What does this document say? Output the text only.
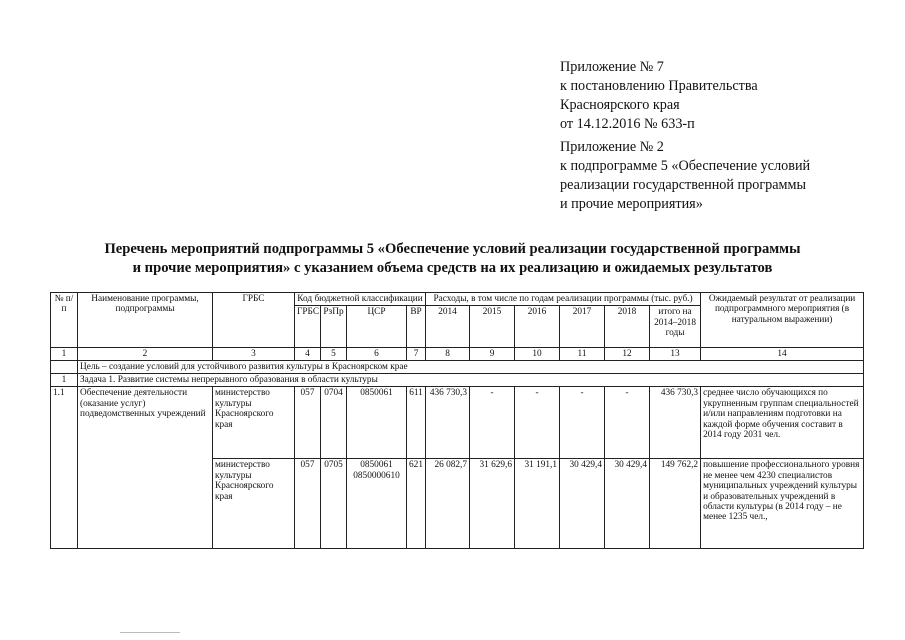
Приложение № 7
к постановлению Правительства
Красноярского края
от 14.12.2016 № 633-п
Приложение № 2
к подпрограмме 5 «Обеспечение условий
реализации государственной программы
и прочие мероприятия»
Перечень мероприятий подпрограммы 5 «Обеспечение условий реализации государственной программы
и прочие мероприятия» с указанием объема средств на их реализацию и ожидаемых результатов
№ п/п	Наименование программы, подпрограммы	ГРБС	Код бюджетной классификации				Расходы, в том числе по годам реализации программы (тыс. руб.)						Ожидаемый результат от реализации подпрограммного мероприятия (в натуральном выражении)
			ГРБС	РзПр	ЦСР	ВР	2014	2015	2016	2017	2018	итого на 2014–2018 годы	
1	2	3	4	5	6	7	8	9	10	11	12	13	14
	Цель – создание условий для устойчивого развития культуры в Красноярском крае												
1	Задача 1. Развитие системы непрерывного образования в области культуры												
1.1	Обеспечение деятельности (оказание услуг) подведомственных учреждений	министерство культуры Красноярского края	057	0704	0850061	611	436 730,3	-	-	-	-	436 730,3	среднее число обучающихся по укрупненным группам специальностей и/или направлениям подготовки на каждой форме обучения составит в 2014 году 2031 чел.
		министерство культуры Красноярского края	057	0705	0850061 0850000610	621	26 082,7	31 629,6	31 191,1	30 429,4	30 429,4	149 762,2	повышение профессионального уровня не менее чем 4230 специалистов муниципальных учреждений культуры и образовательных учреждений в области культуры (в 2014 году – не менее 1235 чел.,
